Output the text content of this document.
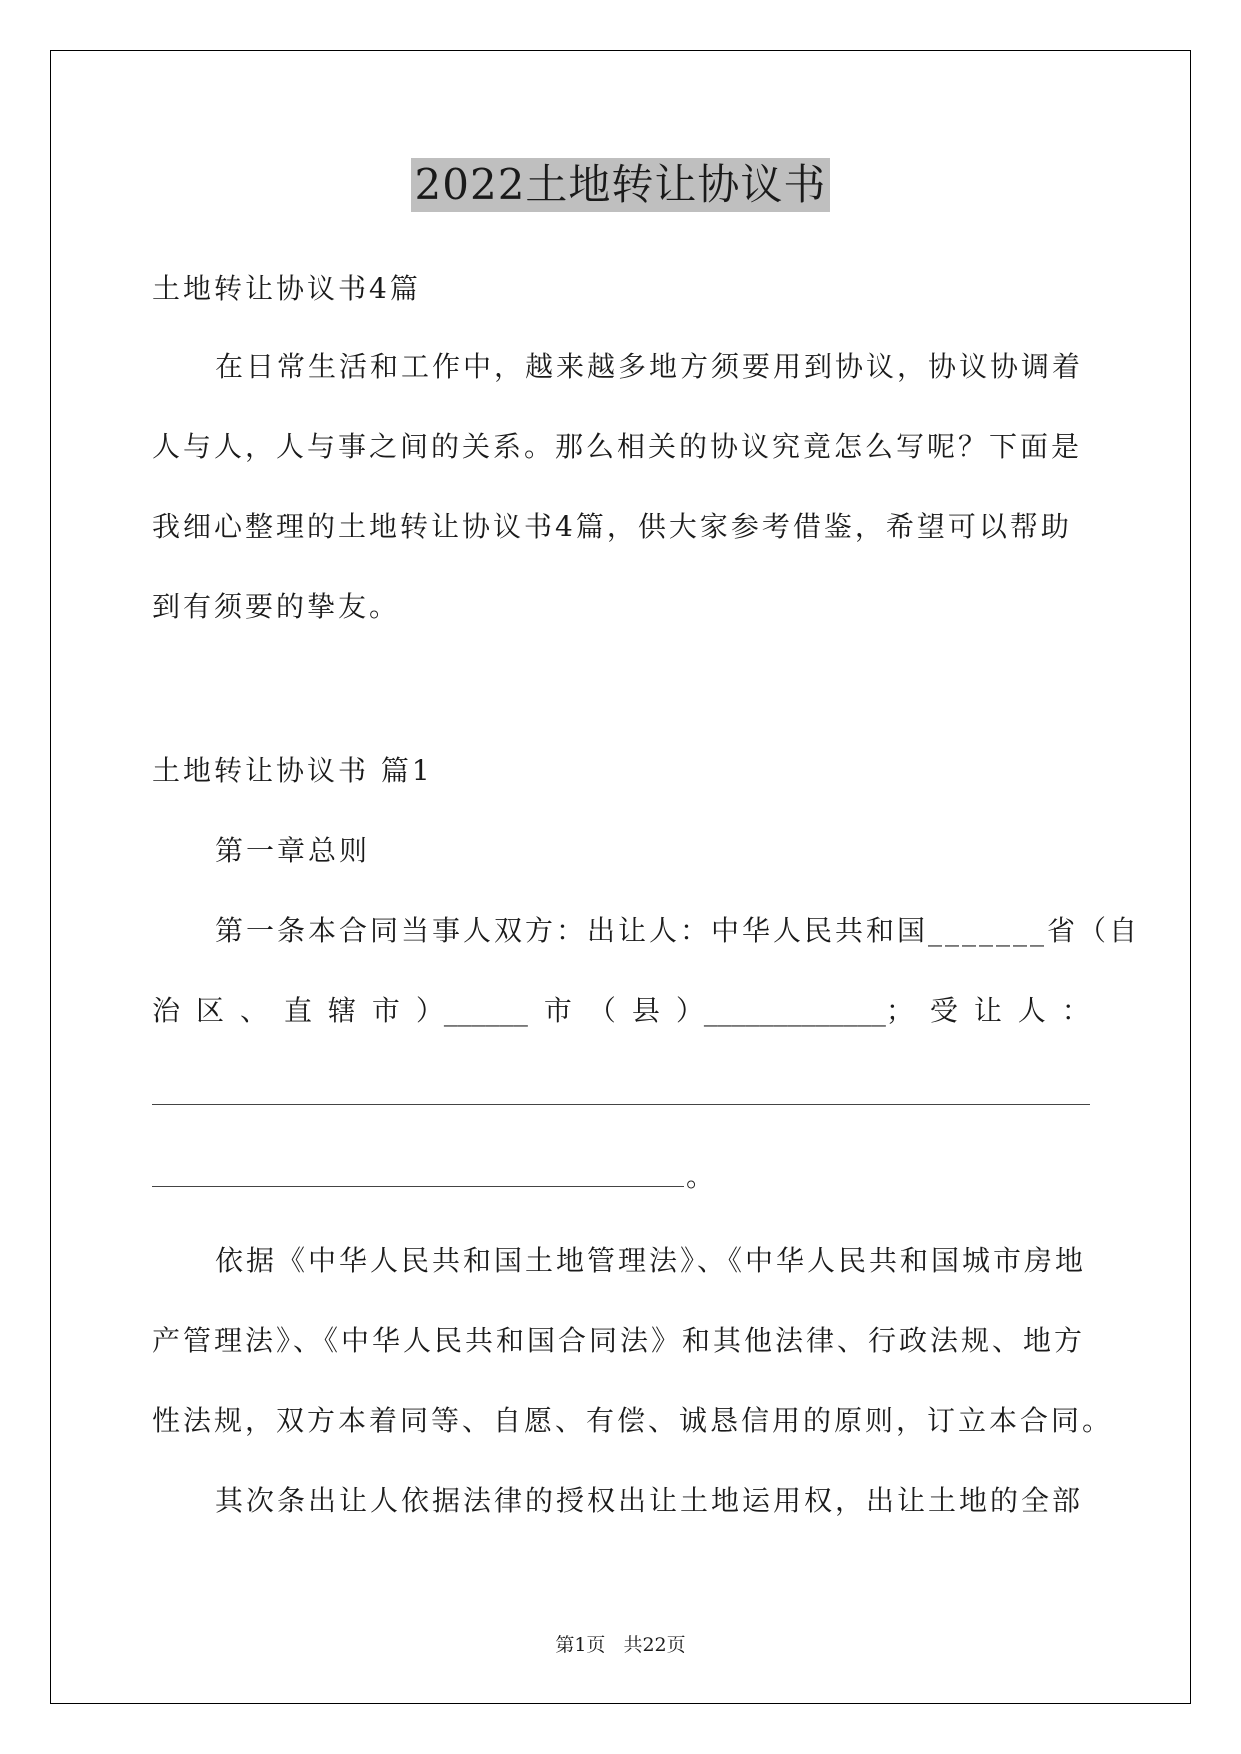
2022土地转让协议书
土地转让协议书4篇
在日常生活和工作中，越来越多地方须要用到协议，协议协调着
人与人，人与事之间的关系。那么相关的协议究竟怎么写呢？下面是
我细心整理的土地转让协议书4篇，供大家参考借鉴，希望可以帮助
到有须要的挚友。
土地转让协议书 篇1
第一章总则
第一条本合同当事人双方：出让人：中华人民共和国_______省（自
治 区 、 直 辖 市 ）______ 市 （ 县 ）_____________； 受 让 人 ：
。
依据《中华人民共和国土地管理法》、《中华人民共和国城市房地
产管理法》、《中华人民共和国合同法》和其他法律、行政法规、地方
性法规，双方本着同等、自愿、有偿、诚恳信用的原则，订立本合同。
其次条出让人依据法律的授权出让土地运用权，出让土地的全部
第1页 共22页
